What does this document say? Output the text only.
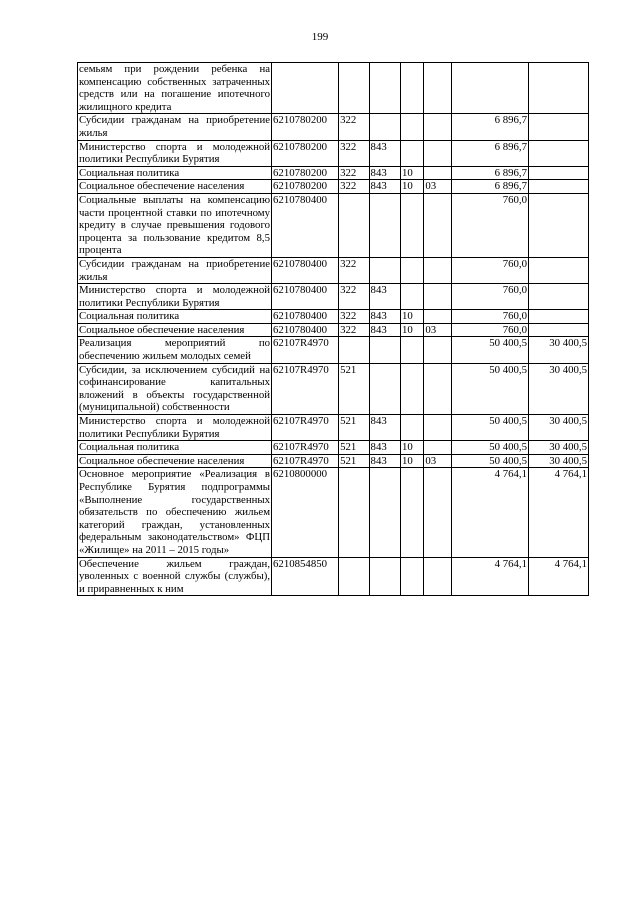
199
семьям при рождении ребенка на компенсацию собственных затраченных средств или на погашение ипотечного жилищного кредита							
Субсидии гражданам на приобретение жилья	6210780200	322				6 896,7	
Министерство спорта и молодежной политики Республики Бурятия	6210780200	322	843			6 896,7	
Социальная политика	6210780200	322	843	10		6 896,7	
Социальное обеспечение населения	6210780200	322	843	10	03	6 896,7	
Социальные выплаты на компенсацию части процентной ставки по ипотечному кредиту в случае превышения годового процента за пользование кредитом 8,5 процента	6210780400					760,0	
Субсидии гражданам на приобретение жилья	6210780400	322				760,0	
Министерство спорта и молодежной политики Республики Бурятия	6210780400	322	843			760,0	
Социальная политика	6210780400	322	843	10		760,0	
Социальное обеспечение населения	6210780400	322	843	10	03	760,0	
Реализация мероприятий по обеспечению жильем молодых семей	62107R4970					50 400,5	30 400,5
Субсидии, за исключением субсидий на софинансирование капитальных вложений в объекты государственной (муниципальной) собственности	62107R4970	521				50 400,5	30 400,5
Министерство спорта и молодежной политики Республики Бурятия	62107R4970	521	843			50 400,5	30 400,5
Социальная политика	62107R4970	521	843	10		50 400,5	30 400,5
Социальное обеспечение населения	62107R4970	521	843	10	03	50 400,5	30 400,5
Основное мероприятие «Реализация в Республике Бурятия подпрограммы «Выполнение государственных обязательств по обеспечению жильем категорий граждан, установленных федеральным законодательством» ФЦП «Жилище» на 2011 – 2015 годы»	6210800000					4 764,1	4 764,1
Обеспечение жильем граждан, уволенных с военной службы (службы), и приравненных к ним	6210854850					4 764,1	4 764,1
